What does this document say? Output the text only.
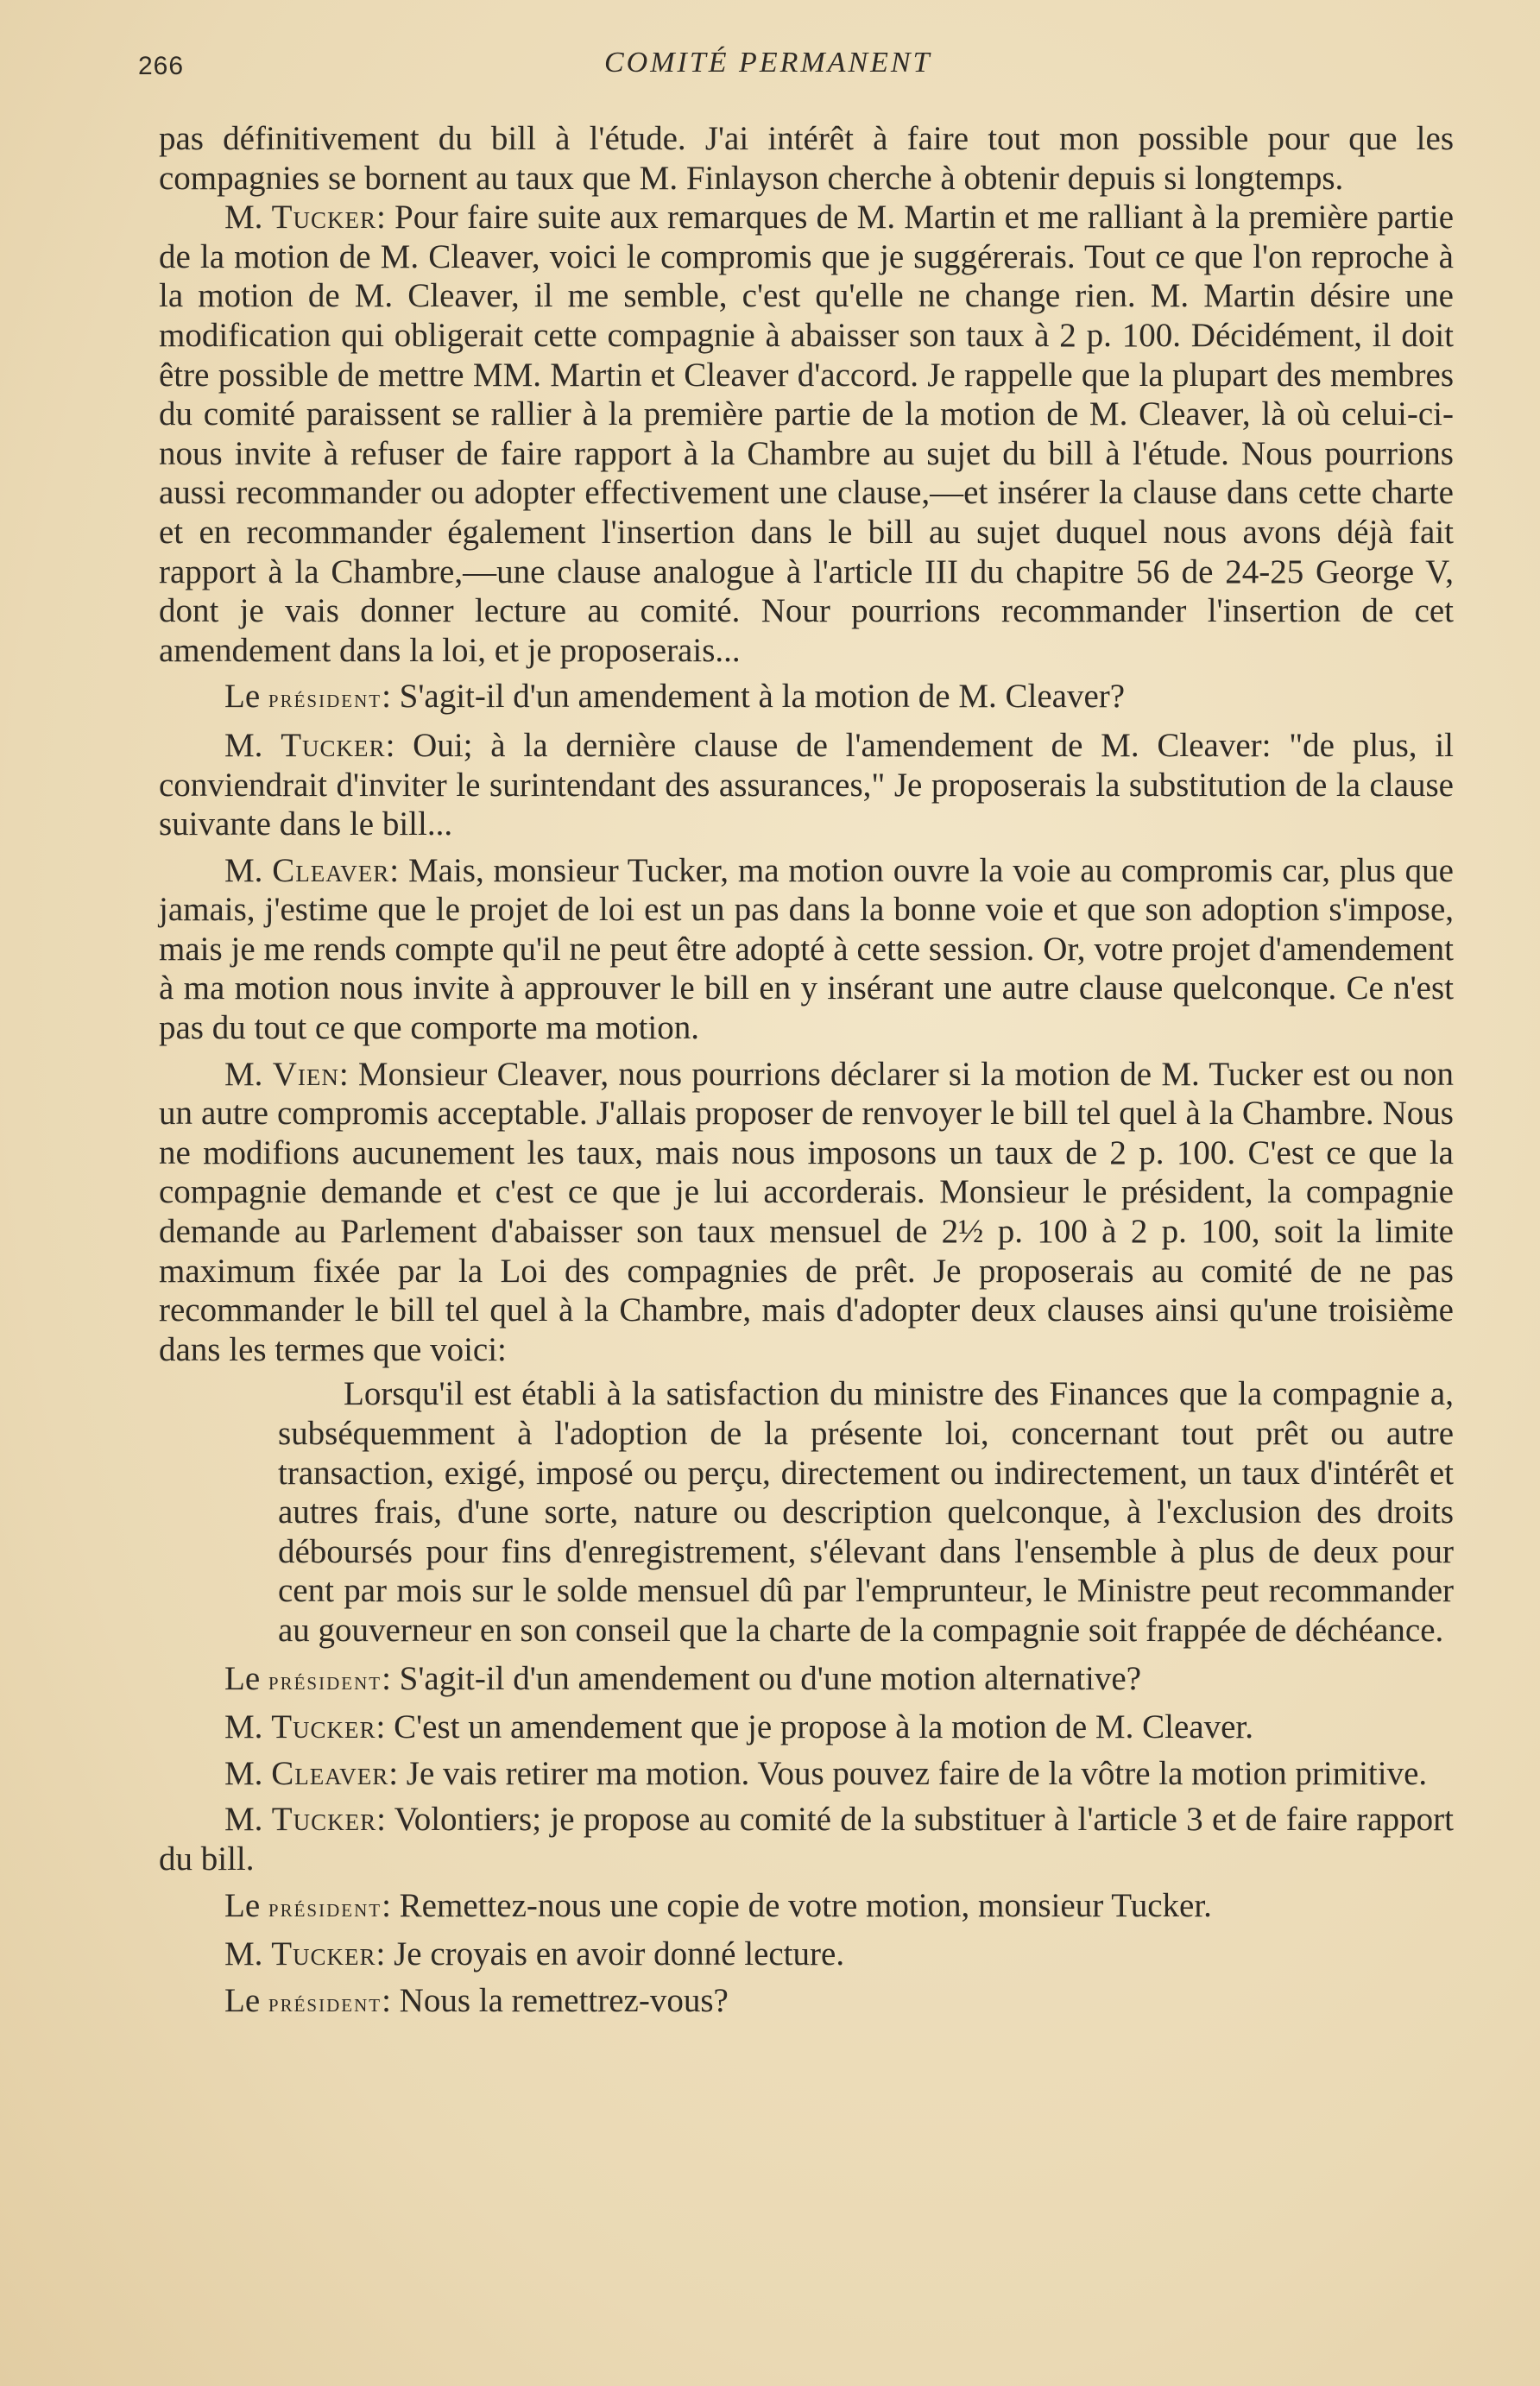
266	COMITÉ PERMANENT

pas définitivement du bill à l'étude. J'ai intérêt à faire tout mon possible pour que les compagnies se bornent au taux que M. Finlayson cherche à obtenir depuis si longtemps.

M. Tucker: Pour faire suite aux remarques de M. Martin et me ralliant à la première partie de la motion de M. Cleaver, voici le compromis que je suggérerais. Tout ce que l'on reproche à la motion de M. Cleaver, il me semble, c'est qu'elle ne change rien. M. Martin désire une modification qui obligerait cette compagnie à abaisser son taux à 2 p. 100. Décidément, il doit être possible de mettre MM. Martin et Cleaver d'accord. Je rappelle que la plupart des membres du comité paraissent se rallier à la première partie de la motion de M. Cleaver, là où celui-ci- nous invite à refuser de faire rapport à la Chambre au sujet du bill à l'étude. Nous pourrions aussi recommander ou adopter effectivement une clause,—et insérer la clause dans cette charte et en recommander également l'insertion dans le bill au sujet duquel nous avons déjà fait rapport à la Chambre,—une clause analogue à l'article III du chapitre 56 de 24-25 George V, dont je vais donner lecture au comité. Nour pourrions recommander l'insertion de cet amendement dans la loi, et je proposerais...

Le président: S'agit-il d'un amendement à la motion de M. Cleaver?

M. Tucker: Oui; à la dernière clause de l'amendement de M. Cleaver: "de plus, il conviendrait d'inviter le surintendant des assurances," Je proposerais la substitution de la clause suivante dans le bill...

M. Cleaver: Mais, monsieur Tucker, ma motion ouvre la voie au compromis car, plus que jamais, j'estime que le projet de loi est un pas dans la bonne voie et que son adoption s'impose, mais je me rends compte qu'il ne peut être adopté à cette session. Or, votre projet d'amendement à ma motion nous invite à approuver le bill en y insérant une autre clause quelconque. Ce n'est pas du tout ce que comporte ma motion.

M. Vien: Monsieur Cleaver, nous pourrions déclarer si la motion de M. Tucker est ou non un autre compromis acceptable. J'allais proposer de renvoyer le bill tel quel à la Chambre. Nous ne modifions aucunement les taux, mais nous imposons un taux de 2 p. 100. C'est ce que la compagnie demande et c'est ce que je lui accorderais. Monsieur le président, la compagnie demande au Parlement d'abaisser son taux mensuel de 2½ p. 100 à 2 p. 100, soit la limite maximum fixée par la Loi des compagnies de prêt. Je proposerais au comité de ne pas recommander le bill tel quel à la Chambre, mais d'adopter deux clauses ainsi qu'une troisième dans les termes que voici:

Lorsqu'il est établi à la satisfaction du ministre des Finances que la compagnie a, subséquemment à l'adoption de la présente loi, concernant tout prêt ou autre transaction, exigé, imposé ou perçu, directement ou indirectement, un taux d'intérêt et autres frais, d'une sorte, nature ou description quelconque, à l'exclusion des droits déboursés pour fins d'enregistrement, s'élevant dans l'ensemble à plus de deux pour cent par mois sur le solde mensuel dû par l'emprunteur, le Ministre peut recommander au gouverneur en son conseil que la charte de la compagnie soit frappée de déchéance.

Le président: S'agit-il d'un amendement ou d'une motion alternative?

M. Tucker: C'est un amendement que je propose à la motion de M. Cleaver.

M. Cleaver: Je vais retirer ma motion. Vous pouvez faire de la vôtre la motion primitive.

M. Tucker: Volontiers; je propose au comité de la substituer à l'article 3 et de faire rapport du bill.

Le président: Remettez-nous une copie de votre motion, monsieur Tucker.

M. Tucker: Je croyais en avoir donné lecture.

Le président: Nous la remettrez-vous?
